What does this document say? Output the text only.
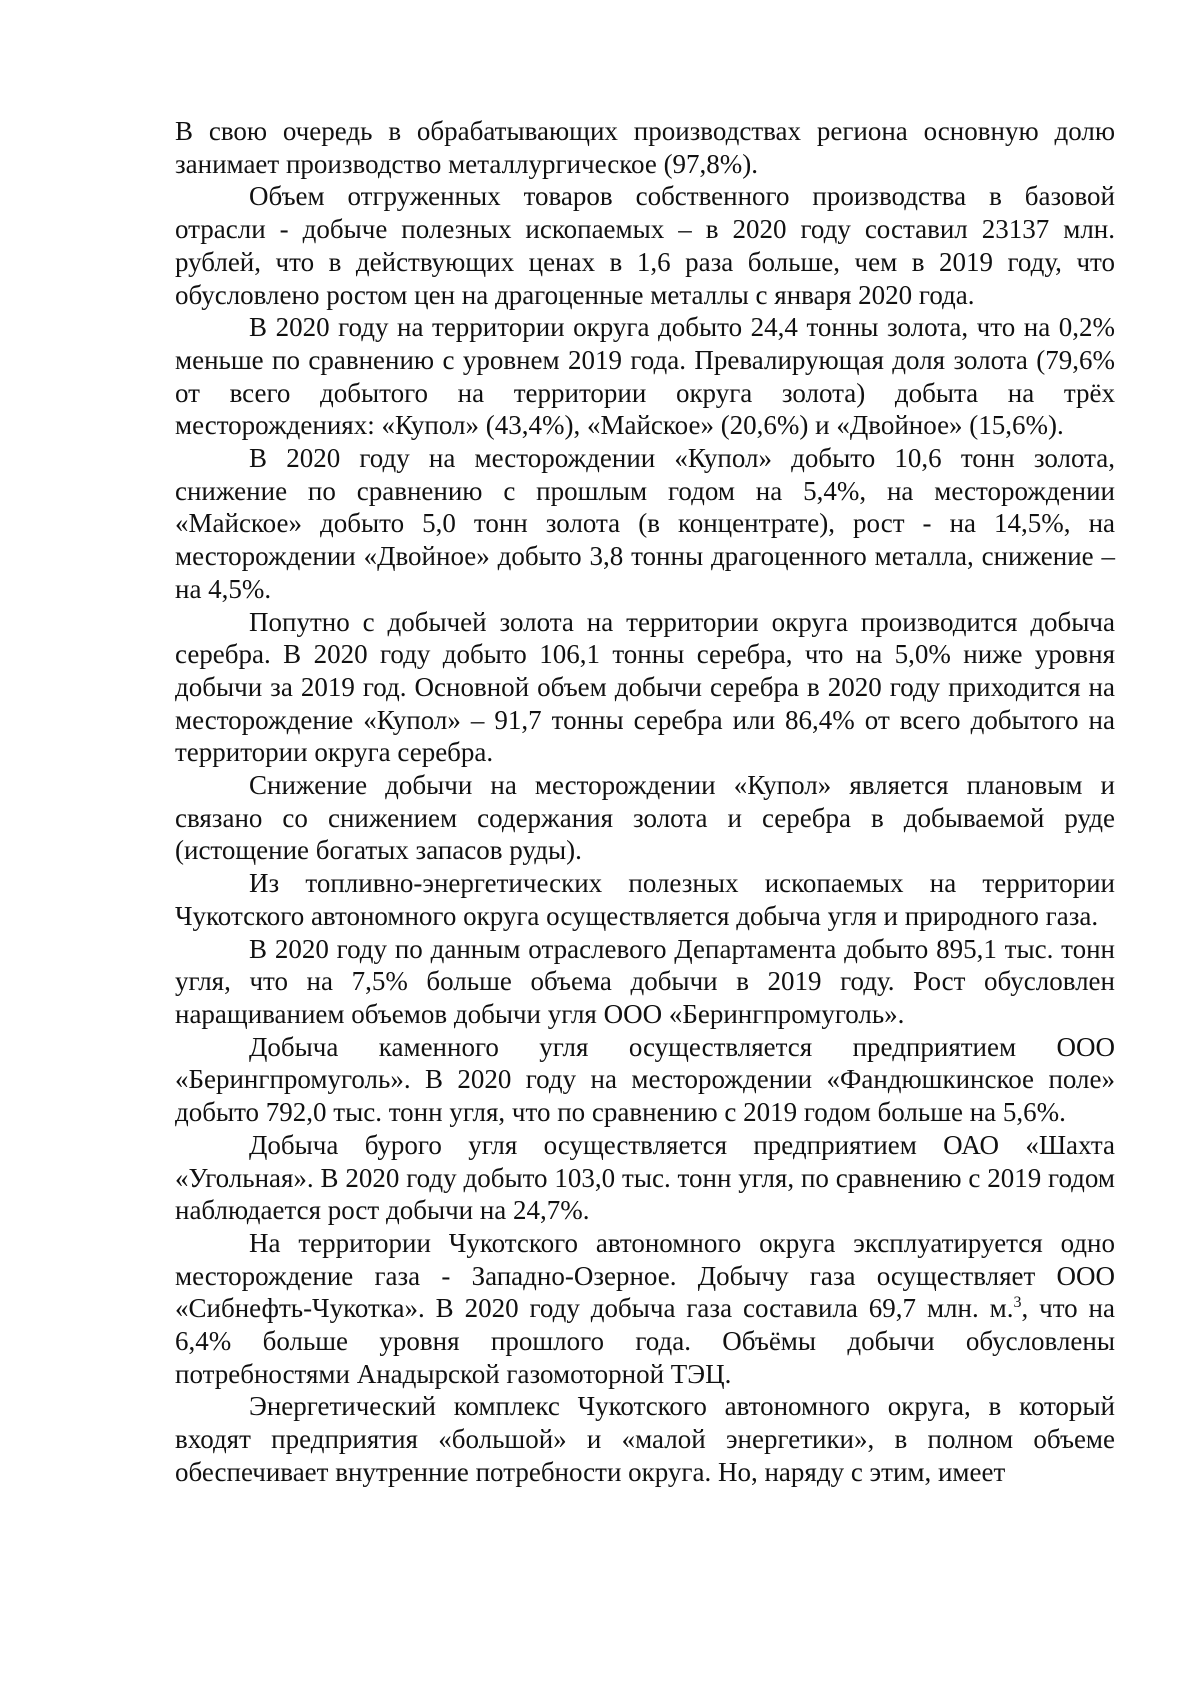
В свою очередь в обрабатывающих производствах региона основную долю занимает производство металлургическое (97,8%).

Объем отгруженных товаров собственного производства в базовой отрасли - добыче полезных ископаемых – в 2020 году составил 23137 млн. рублей, что в действующих ценах в 1,6 раза больше, чем в 2019 году, что обусловлено ростом цен на драгоценные металлы с января 2020 года.

В 2020 году на территории округа добыто 24,4 тонны золота, что на 0,2% меньше по сравнению с уровнем 2019 года. Превалирующая доля золота (79,6% от всего добытого на территории округа золота) добыта на трёх месторождениях: «Купол» (43,4%), «Майское» (20,6%) и «Двойное» (15,6%).

В 2020 году на месторождении «Купол» добыто 10,6 тонн золота, снижение по сравнению с прошлым годом на 5,4%, на месторождении «Майское» добыто 5,0 тонн золота (в концентрате), рост - на 14,5%, на месторождении «Двойное» добыто 3,8 тонны драгоценного металла, снижение – на 4,5%.

Попутно с добычей золота на территории округа производится добыча серебра. В 2020 году добыто 106,1 тонны серебра, что на 5,0% ниже уровня добычи за 2019 год. Основной объем добычи серебра в 2020 году приходится на месторождение «Купол» – 91,7 тонны серебра или 86,4% от всего добытого на территории округа серебра.

Снижение добычи на месторождении «Купол» является плановым и связано со снижением содержания золота и серебра в добываемой руде (истощение богатых запасов руды).

Из топливно-энергетических полезных ископаемых на территории Чукотского автономного округа осуществляется добыча угля и природного газа.

В 2020 году по данным отраслевого Департамента добыто 895,1 тыс. тонн угля, что на 7,5% больше объема добычи в 2019 году. Рост обусловлен наращиванием объемов добычи угля ООО «Берингпромуголь».

Добыча каменного угля осуществляется предприятием ООО «Берингпромуголь». В 2020 году на месторождении «Фандюшкинское поле» добыто 792,0 тыс. тонн угля, что по сравнению с 2019 годом больше на 5,6%.

Добыча бурого угля осуществляется предприятием ОАО «Шахта «Угольная». В 2020 году добыто 103,0 тыс. тонн угля, по сравнению с 2019 годом наблюдается рост добычи на 24,7%.

На территории Чукотского автономного округа эксплуатируется одно месторождение газа - Западно-Озерное. Добычу газа осуществляет ООО «Сибнефть-Чукотка». В 2020 году добыча газа составила 69,7 млн. м.$^3$, что на 6,4% больше уровня прошлого года. Объёмы добычи обусловлены потребностями Анадырской газомоторной ТЭЦ.

Энергетический комплекс Чукотского автономного округа, в который входят предприятия «большой» и «малой энергетики», в полном объеме обеспечивает внутренние потребности округа. Но, наряду с этим, имеет
